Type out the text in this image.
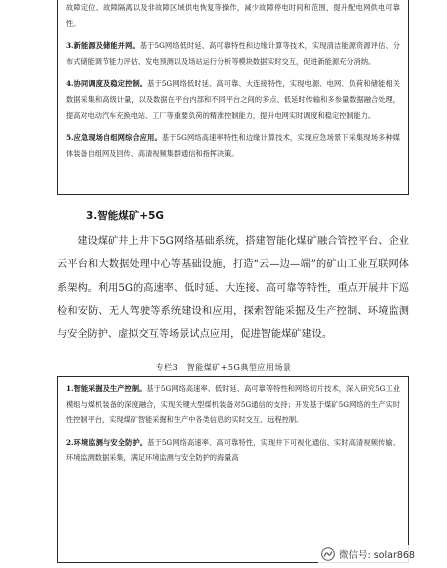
故障定位、故障隔离以及非故障区域供电恢复等操作，减少故障停电时间和范围，提升配电网供电可靠性。
3.新能源及储能并网。基于5G网络低时延、高可靠特性和边缘计算等技术，实现清洁能源资源评估、分布式储能调节能力评估、发电预测以及场站运行分析等模块数据实时交互，促进新能源充分消纳。
4.协同调度及稳定控制。基于5G网络低时延、高可靠、大连接特性，实现电源、电网、负荷和储能相关数据采集和高级计量，以及数据在平台内部和不同平台之间的多点、低延时传输和多参量数据融合处理，提高对电动汽车充换电站、工厂等重要负荷的精准控制能力，提升电网实时调度和稳定控制能力。
5.应急现场自组网综合应用。基于5G网络高速率特性和边缘计算技术，实现应急场景下采集现场多种媒体装备自组网及回传、高清视频集群通信和指挥决策。
3.智能煤矿+5G

建设煤矿井上井下5G网络基础系统，搭建智能化煤矿融合管控平台、企业云平台和大数据处理中心等基础设施，打造“云—边—端”的矿山工业互联网体系架构。利用5G的高速率、低时延、大连接、高可靠等特性，重点开展井下巡检和安防、无人驾驶等系统建设和应用，探索智能采掘及生产控制、环境监测与安全防护、虚拟交互等场景试点应用，促进智能煤矿建设。

专栏3　智能煤矿+5G典型应用场景
1.智能采掘及生产控制。基于5G网络高速率、低时延、高可靠等特性和网络切片技术，深入研究5G工业模组与煤机装备的深度融合，实现关键大型煤机装备对5G通信的支持；开发基于煤矿5G网络的生产实时性控制平台，实现煤矿智能采掘和生产中各类信息的实时交互、远程控制。
2.环境监测与安全防护。基于5G网络高速率、高可靠特性，实现井下可视化通信、实时高清视频传输、环境监测数据采集，满足环境监测与安全防护的海量高
微信号: solar868
